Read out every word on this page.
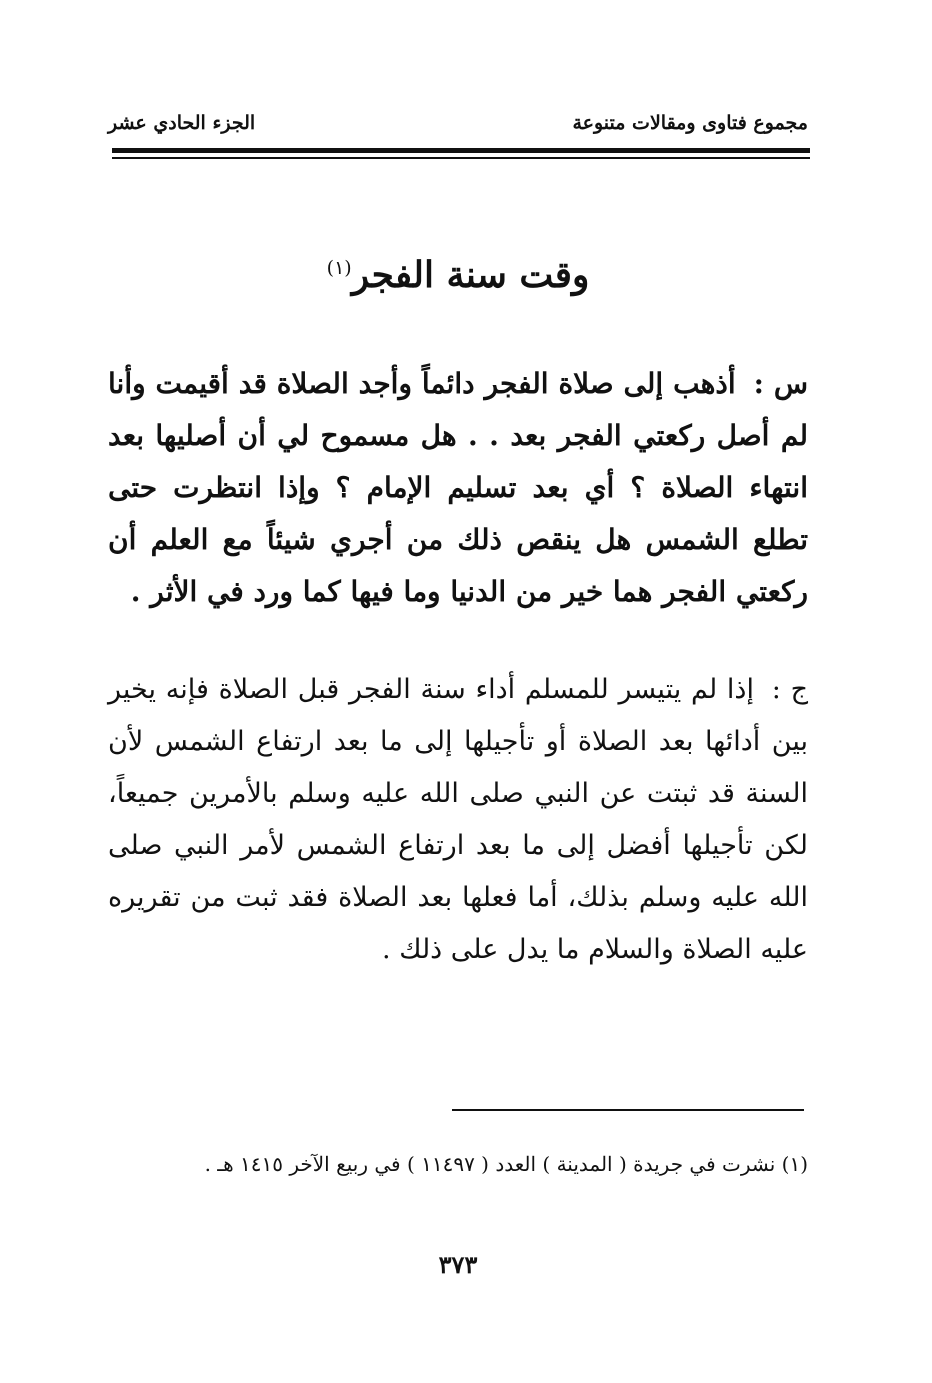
مجموع فتاوى ومقالات متنوعة
الجزء الحادي عشر
وقت سنة الفجر$^{(١)}$

س : أذهب إلى صلاة الفجر دائماً وأجد الصلاة قد أقيمت وأنا لم أصل ركعتي الفجر بعد . . هل مسموح لي أن أصليها بعد انتهاء الصلاة ؟ أي بعد تسليم الإمام ؟ وإذا انتظرت حتى تطلع الشمس هل ينقص ذلك من أجري شيئاً مع العلم أن ركعتي الفجر هما خير من الدنيا وما فيها كما ورد في الأثر .

ج : إذا لم يتيسر للمسلم أداء سنة الفجر قبل الصلاة فإنه يخير بين أدائها بعد الصلاة أو تأجيلها إلى ما بعد ارتفاع الشمس لأن السنة قد ثبتت عن النبي صلى الله عليه وسلم بالأمرين جميعاً، لكن تأجيلها أفضل إلى ما بعد ارتفاع الشمس لأمر النبي صلى الله عليه وسلم بذلك، أما فعلها بعد الصلاة فقد ثبت من تقريره عليه الصلاة والسلام ما يدل على ذلك .

(١) نشرت في جريدة ( المدينة ) العدد ( ١١٤٩٧ ) في ربيع الآخر ١٤١٥ هـ .

٣٧٣
